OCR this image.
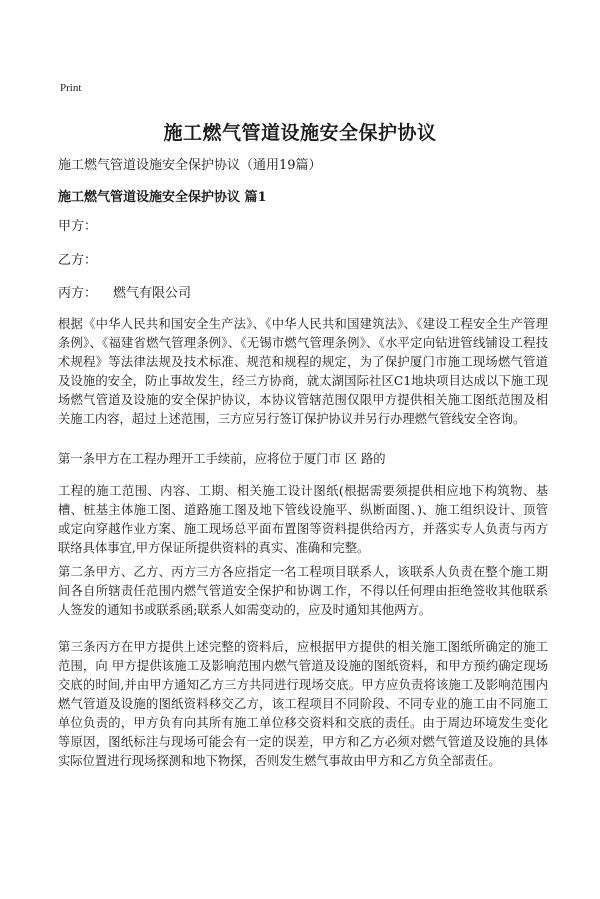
Print
施工燃气管道设施安全保护协议
施工燃气管道设施安全保护协议（通用19篇）
施工燃气管道设施安全保护协议 篇1
甲方：
乙方：
丙方： 燃气有限公司

根据《中华人民共和国安全生产法》、《中华人民共和国建筑法》、《建设工程安全生产管理条例》、《福建省燃气管理条例》、《无锡市燃气管理条例》、《水平定向钻进管线铺设工程技术规程》等法律法规及技术标准、规范和规程的规定，为了保护厦门市施工现场燃气管道及设施的安全，防止事故发生，经三方协商，就太湖国际社区C1地块项目达成以下施工现场燃气管道及设施的安全保护协议，本协议管辖范围仅限甲方提供相关施工图纸范围及相关施工内容，超过上述范围，三方应另行签订保护协议并另行办理燃气管线安全咨询。

第一条甲方在工程办理开工手续前，应将位于厦门市 区 路的

工程的施工范围、内容、工期、相关施工设计图纸(根据需要须提供相应地下构筑物、基槽、桩基主体施工图、道路施工图及地下管线设施平、纵断面图、)、施工组织设计、顶管或定向穿越作业方案、施工现场总平面布置图等资料提供给丙方，并落实专人负责与丙方联络具体事宜,甲方保证所提供资料的真实、准确和完整。

第二条甲方、乙方、丙方三方各应指定一名工程项目联系人，该联系人负责在整个施工期间各自所辖责任范围内燃气管道安全保护和协调工作，不得以任何理由拒绝签收其他联系人签发的通知书或联系函;联系人如需变动的，应及时通知其他两方。

第三条丙方在甲方提供上述完整的资料后，应根据甲方提供的相关施工图纸所确定的施工范围，向 甲方提供该施工及影响范围内燃气管道及设施的图纸资料，和甲方预约确定现场交底的时间,并由甲方通知乙方三方共同进行现场交底。甲方应负责将该施工及影响范围内燃气管道及设施的图纸资料移交乙方，该工程项目不同阶段、不同专业的施工由不同施工单位负责的，甲方负有向其所有施工单位移交资料和交底的责任。由于周边环境发生变化等原因，图纸标注与现场可能会有一定的误差，甲方和乙方必须对燃气管道及设施的具体实际位置进行现场探测和地下物探，否则发生燃气事故由甲方和乙方负全部责任。
